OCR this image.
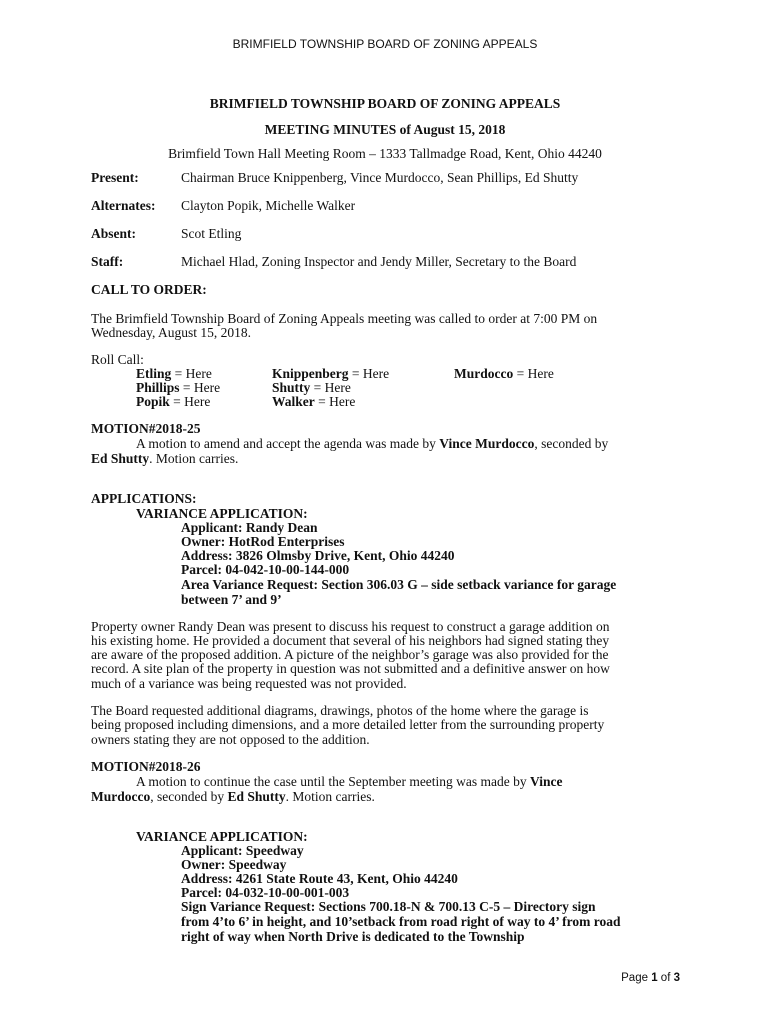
BRIMFIELD TOWNSHIP BOARD OF ZONING APPEALS
BRIMFIELD TOWNSHIP BOARD OF ZONING APPEALS
MEETING MINUTES of August 15, 2018
Brimfield Town Hall Meeting Room – 1333 Tallmadge Road, Kent, Ohio 44240
Present:	Chairman Bruce Knippenberg, Vince Murdocco, Sean Phillips, Ed Shutty
Alternates: Clayton Popik, Michelle Walker
Absent:	Scot Etling
Staff:	Michael Hlad, Zoning Inspector and Jendy Miller, Secretary to the Board
CALL TO ORDER:
The Brimfield Township Board of Zoning Appeals meeting was called to order at 7:00 PM on
Wednesday, August 15, 2018.
Roll Call:
Etling = Here	Knippenberg = Here	Murdocco = Here
Phillips = Here	Shutty = Here
Popik = Here	Walker = Here
MOTION#2018-25
A motion to amend and accept the agenda was made by Vince Murdocco, seconded by
Ed Shutty. Motion carries.
APPLICATIONS:
VARIANCE APPLICATION:
Applicant: Randy Dean
Owner: HotRod Enterprises
Address: 3826 Olmsby Drive, Kent, Ohio 44240
Parcel: 04-042-10-00-144-000
Area Variance Request: Section 306.03 G – side setback variance for garage
between 7’ and 9’
Property owner Randy Dean was present to discuss his request to construct a garage addition on
his existing home. He provided a document that several of his neighbors had signed stating they
are aware of the proposed addition. A picture of the neighbor’s garage was also provided for the
record. A site plan of the property in question was not submitted and a definitive answer on how
much of a variance was being requested was not provided.
The Board requested additional diagrams, drawings, photos of the home where the garage is
being proposed including dimensions, and a more detailed letter from the surrounding property
owners stating they are not opposed to the addition.
MOTION#2018-26
A motion to continue the case until the September meeting was made by Vince
Murdocco, seconded by Ed Shutty. Motion carries.
VARIANCE APPLICATION:
Applicant: Speedway
Owner: Speedway
Address: 4261 State Route 43, Kent, Ohio 44240
Parcel: 04-032-10-00-001-003
Sign Variance Request: Sections 700.18-N & 700.13 C-5 – Directory sign
from 4’to 6’ in height, and 10’setback from road right of way to 4’ from road
right of way when North Drive is dedicated to the Township
Page 1 of 3
